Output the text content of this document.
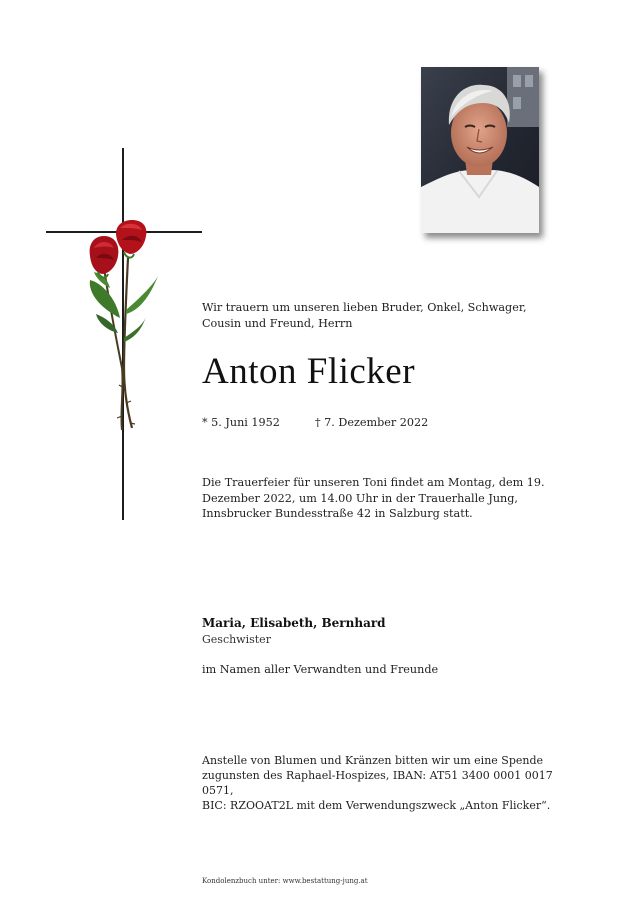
Wir trauern um unseren lieben Bruder, Onkel, Schwager, Cousin und Freund, Herrn
Anton Flicker
* 5. Juni 1952	† 7. Dezember 2022
Die Trauerfeier für unseren Toni findet am Montag, dem 19. Dezember 2022, um 14.00 Uhr in der Trauerhalle Jung, Innsbrucker Bundesstraße 42 in Salzburg statt.
Maria, Elisabeth, Bernhard
Geschwister
im Namen aller Verwandten und Freunde
Anstelle von Blumen und Kränzen bitten wir um eine Spende
zugunsten des Raphael-Hospizes, IBAN: AT51 3400 0001 0017 0571,
BIC: RZOOAT2L mit dem Verwendungszweck „Anton Flicker“.
Kondolenzbuch unter: www.bestattung-jung.at
